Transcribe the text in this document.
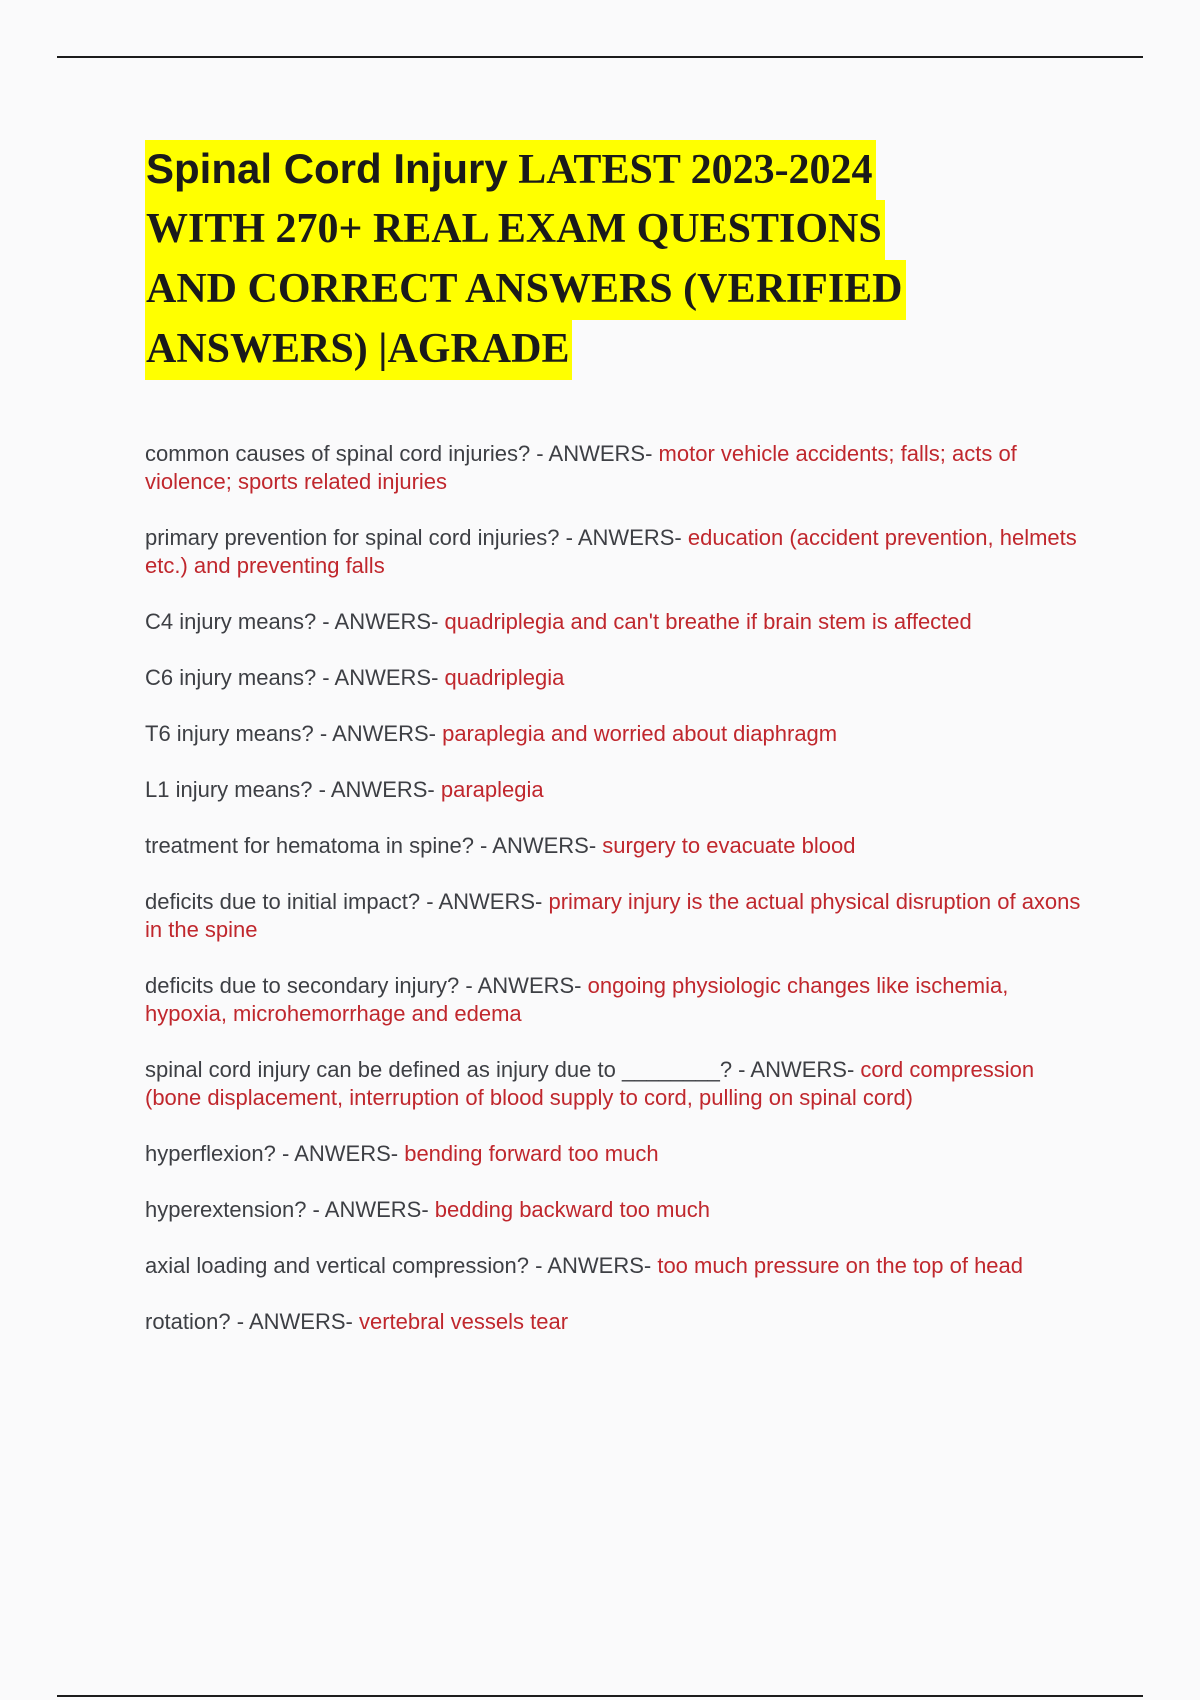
Spinal Cord Injury LATEST 2023-2024
WITH 270+ REAL EXAM QUESTIONS
AND CORRECT ANSWERS (VERIFIED
ANSWERS) |AGRADE

common causes of spinal cord injuries? - ANWERS- motor vehicle accidents; falls; acts of violence; sports related injuries

primary prevention for spinal cord injuries? - ANWERS- education (accident prevention, helmets etc.) and preventing falls

C4 injury means? - ANWERS- quadriplegia and can't breathe if brain stem is affected

C6 injury means? - ANWERS- quadriplegia

T6 injury means? - ANWERS- paraplegia and worried about diaphragm

L1 injury means? - ANWERS- paraplegia

treatment for hematoma in spine? - ANWERS- surgery to evacuate blood

deficits due to initial impact? - ANWERS- primary injury is the actual physical disruption of axons in the spine

deficits due to secondary injury? - ANWERS- ongoing physiologic changes like ischemia, hypoxia, microhemorrhage and edema

spinal cord injury can be defined as injury due to ________? - ANWERS- cord compression (bone displacement, interruption of blood supply to cord, pulling on spinal cord)

hyperflexion? - ANWERS- bending forward too much

hyperextension? - ANWERS- bedding backward too much

axial loading and vertical compression? - ANWERS- too much pressure on the top of head

rotation? - ANWERS- vertebral vessels tear
